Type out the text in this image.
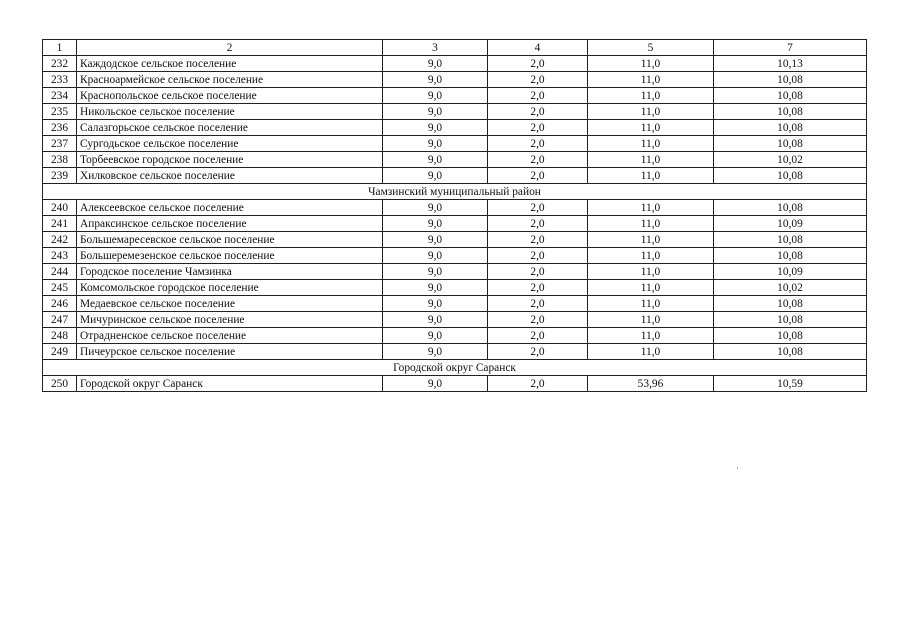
1	2	3	4	5	7
232	Каждодское сельское поселение	9,0	2,0	11,0	10,13
233	Красноармейское сельское поселение	9,0	2,0	11,0	10,08
234	Краснопольское сельское поселение	9,0	2,0	11,0	10,08
235	Никольское сельское поселение	9,0	2,0	11,0	10,08
236	Салазгорьское сельское поселение	9,0	2,0	11,0	10,08
237	Сургодьское сельское поселение	9,0	2,0	11,0	10,08
238	Торбеевское городское поселение	9,0	2,0	11,0	10,02
239	Хилковское сельское поселение	9,0	2,0	11,0	10,08
Чамзинский муниципальный район					
240	Алексеевское сельское поселение	9,0	2,0	11,0	10,08
241	Апраксинское сельское поселение	9,0	2,0	11,0	10,09
242	Большемаресевское сельское поселение	9,0	2,0	11,0	10,08
243	Большеремезенское сельское поселение	9,0	2,0	11,0	10,08
244	Городское поселение Чамзинка	9,0	2,0	11,0	10,09
245	Комсомольское городское поселение	9,0	2,0	11,0	10,02
246	Медаевское сельское поселение	9,0	2,0	11,0	10,08
247	Мичуринское сельское поселение	9,0	2,0	11,0	10,08
248	Отрадненское сельское поселение	9,0	2,0	11,0	10,08
249	Пичеурское сельское поселение	9,0	2,0	11,0	10,08
Городской округ Саранск					
250	Городской округ Саранск	9,0	2,0	53,96	10,59
